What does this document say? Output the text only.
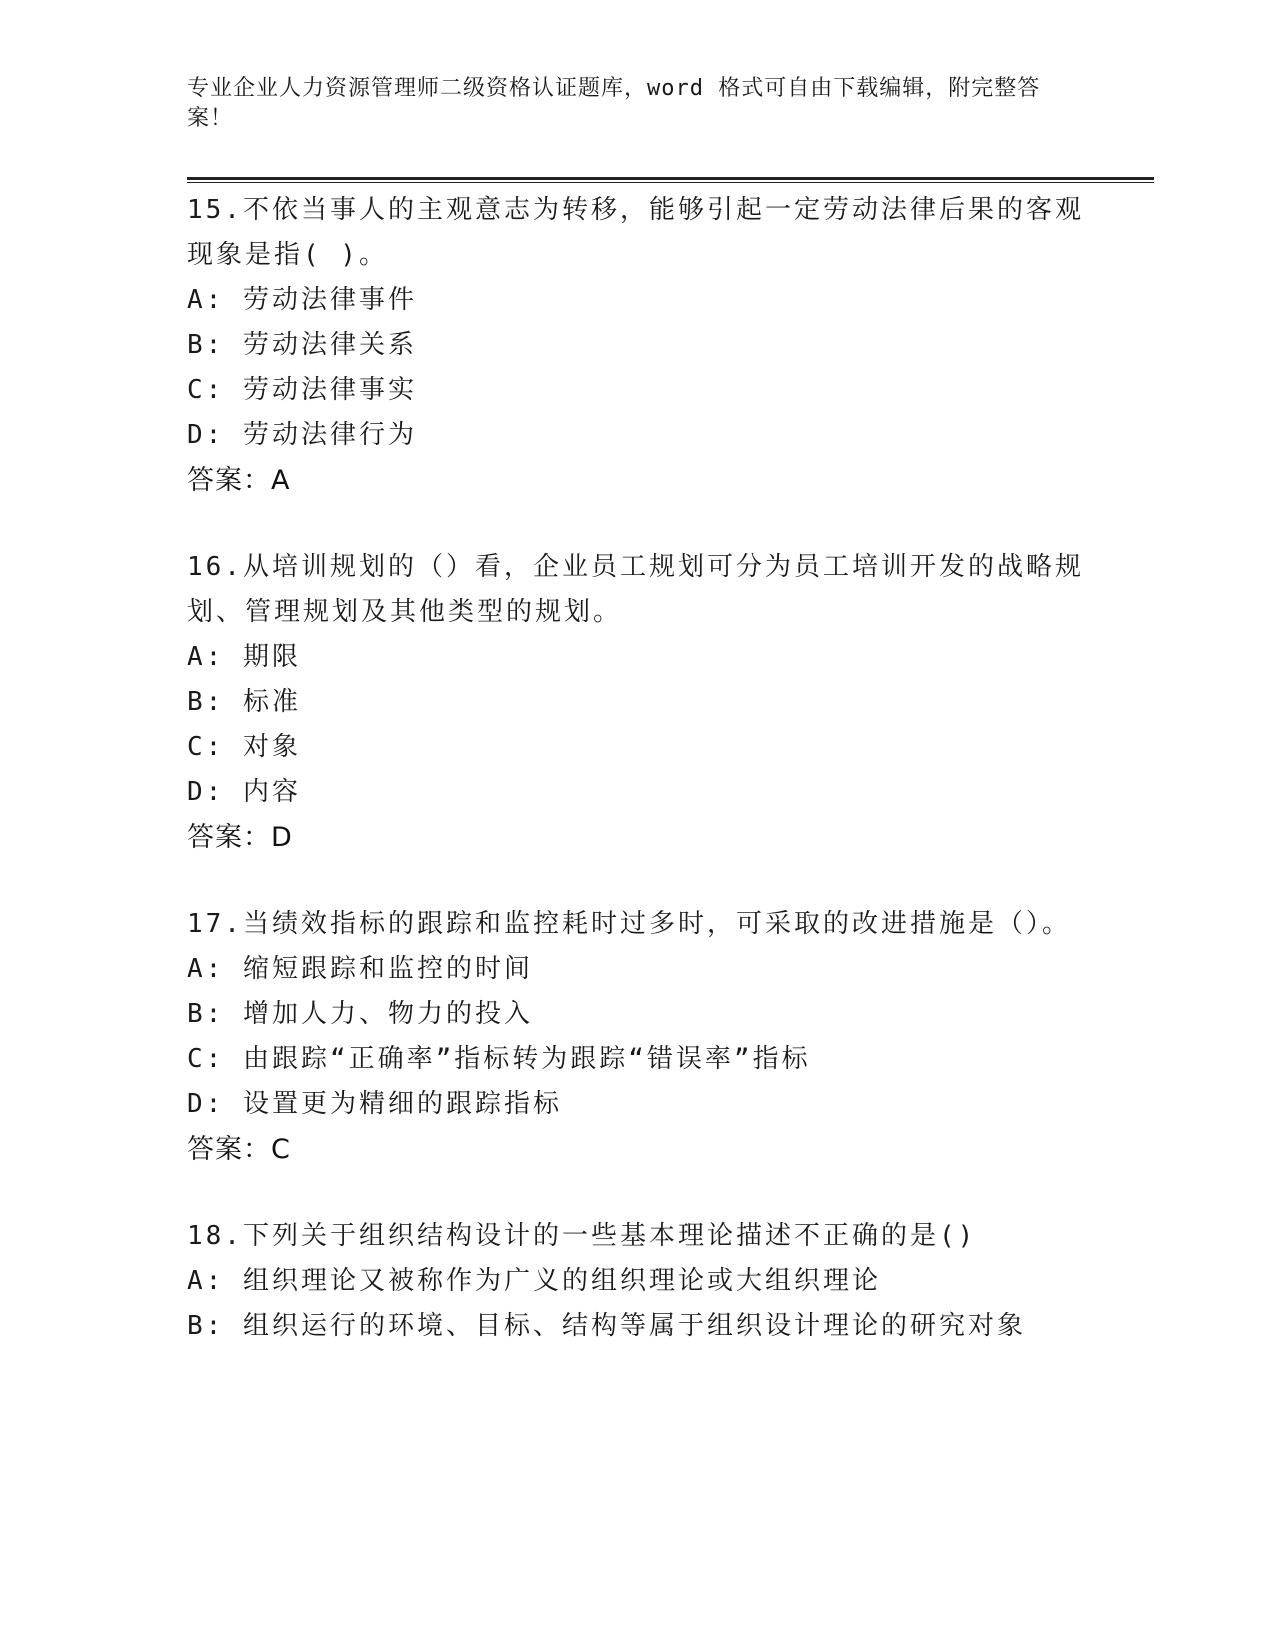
专业企业人力资源管理师二级资格认证题库，word 格式可自由下载编辑，附完整答案！
15.不依当事人的主观意志为转移，能够引起一定劳动法律后果的客观现象是指( )。
A: 劳动法律事件
B: 劳动法律关系
C: 劳动法律事实
D: 劳动法律行为
答案：A
16.从培训规划的（）看，企业员工规划可分为员工培训开发的战略规划、管理规划及其他类型的规划。
A: 期限
B: 标准
C: 对象
D: 内容
答案：D
17.当绩效指标的跟踪和监控耗时过多时，可采取的改进措施是（）。
A: 缩短跟踪和监控的时间
B: 增加人力、物力的投入
C: 由跟踪“正确率”指标转为跟踪“错误率”指标
D: 设置更为精细的跟踪指标
答案：C
18.下列关于组织结构设计的一些基本理论描述不正确的是()
A: 组织理论又被称作为广义的组织理论或大组织理论
B: 组织运行的环境、目标、结构等属于组织设计理论的研究对象
